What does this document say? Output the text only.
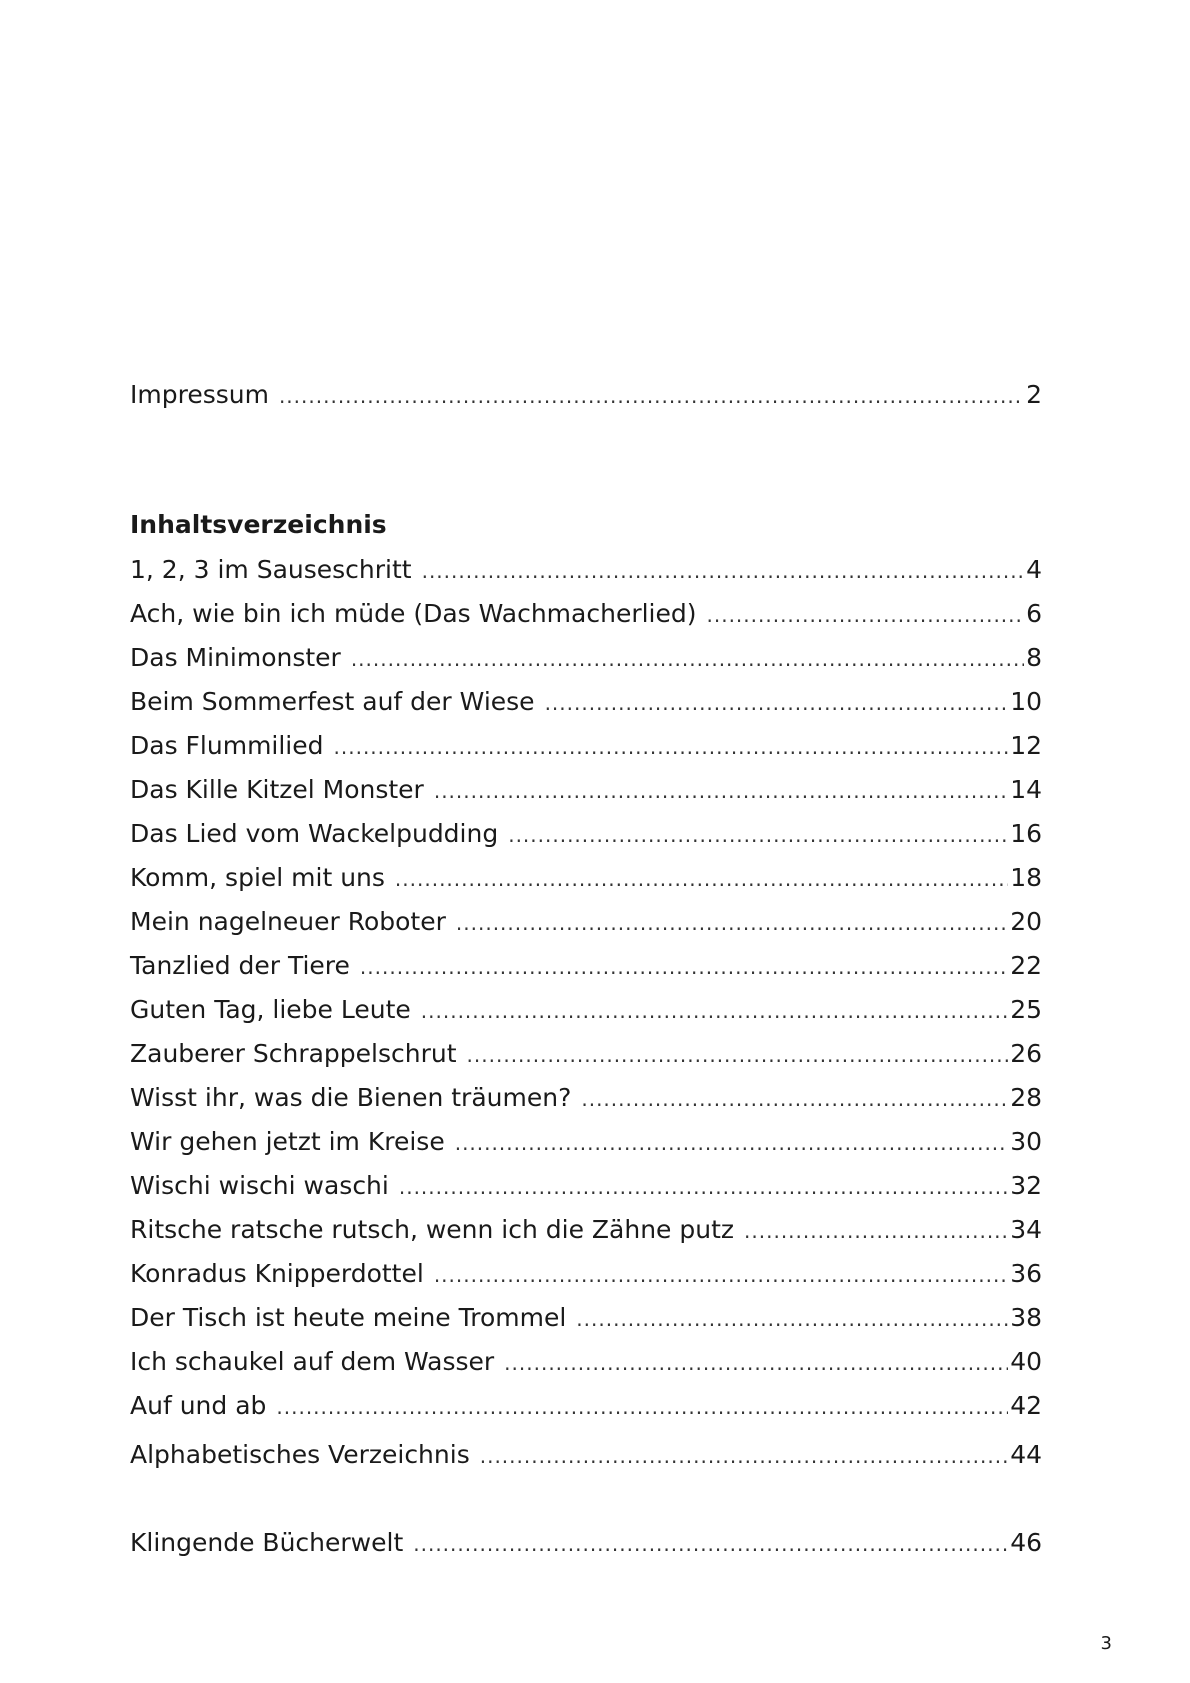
Impressum .....	2
Inhaltsverzeichnis
1, 2, 3 im Sauseschritt .....	4
Ach, wie bin ich müde (Das Wachmacherlied) .....	6
Das Minimonster .....	8
Beim Sommerfest auf der Wiese .....	10
Das Flummilied .....	12
Das Kille Kitzel Monster .....	14
Das Lied vom Wackelpudding .....	16
Komm, spiel mit uns .....	18
Mein nagelneuer Roboter .....	20
Tanzlied der Tiere .....	22
Guten Tag, liebe Leute .....	25
Zauberer Schrappelschrut .....	26
Wisst ihr, was die Bienen träumen? .....	28
Wir gehen jetzt im Kreise .....	30
Wischi wischi waschi .....	32
Ritsche ratsche rutsch, wenn ich die Zähne putz .....	34
Konradus Knipperdottel .....	36
Der Tisch ist heute meine Trommel .....	38
Ich schaukel auf dem Wasser .....	40
Auf und ab .....	42
Alphabetisches Verzeichnis .....	44
Klingende Bücherwelt .....	46
3
